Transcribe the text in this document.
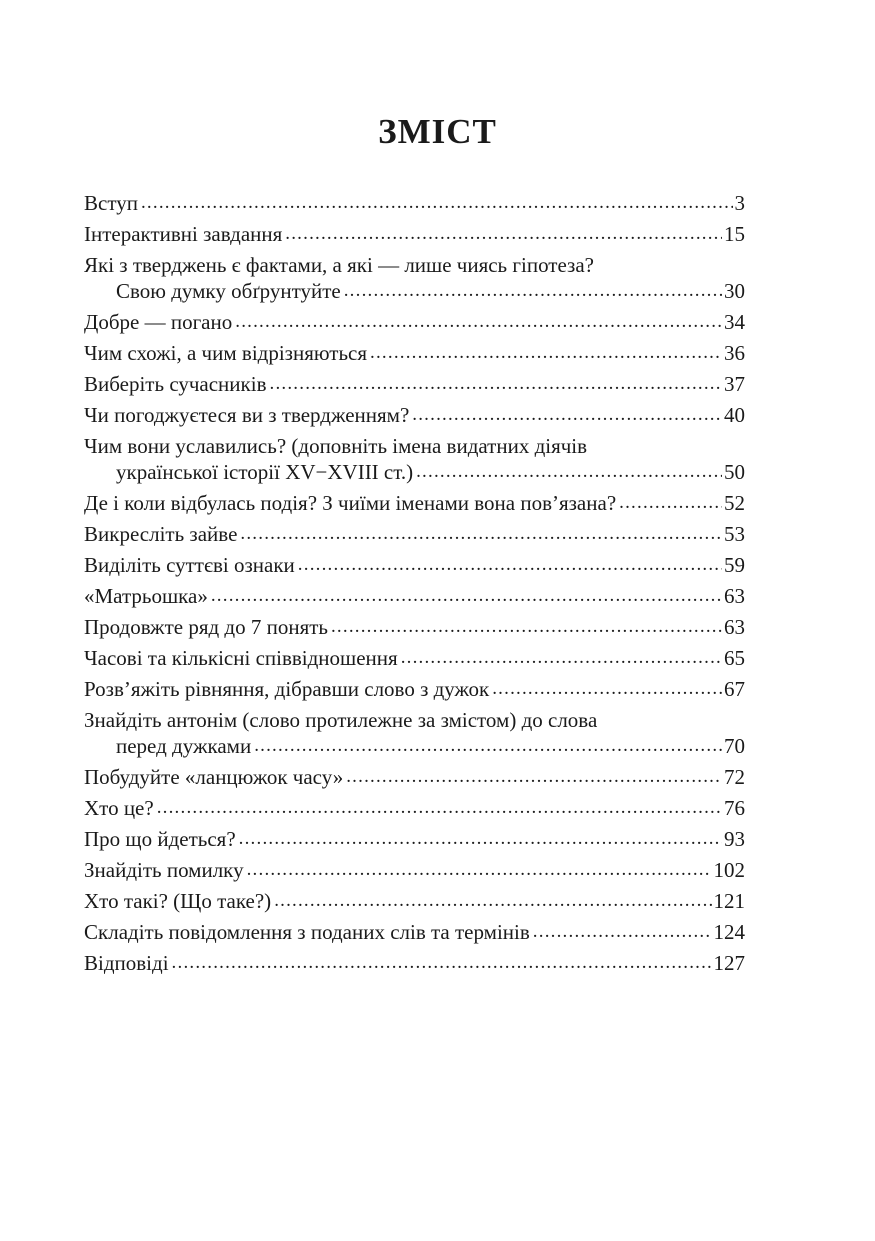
ЗМІСТ
Вступ .....	3
Інтерактивні завдання .....	15
Які з тверджень є фактами, а які — лише чиясь гіпотеза?
Свою думку обґрунтуйте .....	30
Добре — погано .....	34
Чим схожі, а чим відрізняються .....	36
Виберіть сучасників .....	37
Чи погоджуєтеся ви з твердженням? .....	40
Чим вони уславились? (доповніть імена видатних діячів
української історії XV−XVIII ст.) .....	50
Де і коли відбулась подія? З чиїми іменами вона пов’язана? .....	52
Викресліть зайве .....	53
Виділіть суттєві ознаки .....	59
«Матрьошка» .....	63
Продовжте ряд до 7 понять .....	63
Часові та кількісні співвідношення .....	65
Розв’яжіть рівняння, дібравши слово з дужок .....	67
Знайдіть антонім (слово протилежне за змістом) до слова
перед дужками .....	70
Побудуйте «ланцюжок часу» .....	72
Хто це? .....	76
Про що йдеться? .....	93
Знайдіть помилку .....	102
Хто такі? (Що таке?) .....	121
Складіть повідомлення з поданих слів та термінів .....	124
Відповіді .....	127
